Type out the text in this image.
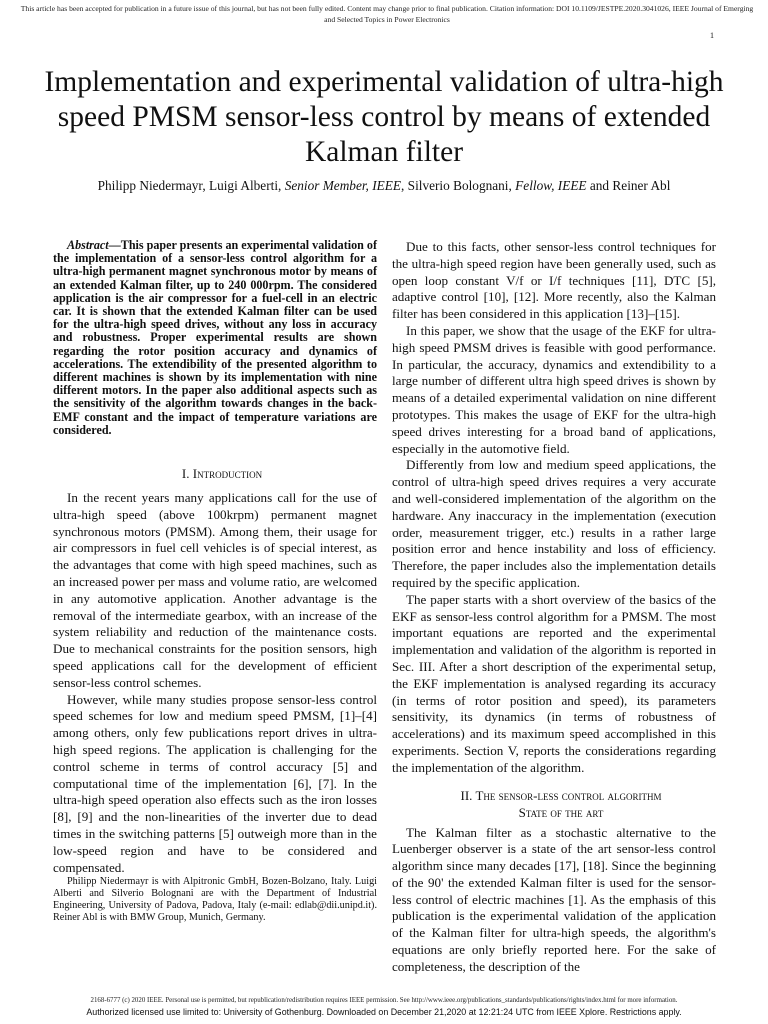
This article has been accepted for publication in a future issue of this journal, but has not been fully edited. Content may change prior to final publication. Citation information: DOI 10.1109/JESTPE.2020.3041026, IEEE Journal of Emerging and Selected Topics in Power Electronics
1
Implementation and experimental validation of ultra-high speed PMSM sensor-less control by means of extended Kalman filter
Philipp Niedermayr, Luigi Alberti, Senior Member, IEEE, Silverio Bolognani, Fellow, IEEE and Reiner Abl

Abstract—This paper presents an experimental validation of the implementation of a sensor-less control algorithm for a ultra-high permanent magnet synchronous motor by means of an extended Kalman filter, up to 240 000rpm. The considered application is the air compressor for a fuel-cell in an electric car. It is shown that the extended Kalman filter can be used for the ultra-high speed drives, without any loss in accuracy and robustness. Proper experimental results are shown regarding the rotor position accuracy and dynamics of accelerations. The extendibility of the presented algorithm to different machines is shown by its implementation with nine different motors. In the paper also additional aspects such as the sensitivity of the algorithm towards changes in the back-EMF constant and the impact of temperature variations are considered.

I. Introduction

In the recent years many applications call for the use of ultra-high speed (above 100krpm) permanent magnet synchronous motors (PMSM). Among them, their usage for air compressors in fuel cell vehicles is of special interest, as the advantages that come with high speed machines, such as an increased power per mass and volume ratio, are welcomed in any automotive application. Another advantage is the removal of the intermediate gearbox, with an increase of the system reliability and reduction of the maintenance costs. Due to mechanical constraints for the position sensors, high speed applications call for the development of efficient sensor-less control schemes.

However, while many studies propose sensor-less control speed schemes for low and medium speed PMSM, [1]–[4] among others, only few publications report drives in ultra-high speed regions. The application is challenging for the control scheme in terms of control accuracy [5] and computational time of the implementation [6], [7]. In the ultra-high speed operation also effects such as the iron losses [8], [9] and the non-linearities of the inverter due to dead times in the switching patterns [5] outweigh more than in the low-speed region and have to be considered and compensated.

Philipp Niedermayr is with Alpitronic GmbH, Bozen-Bolzano, Italy. Luigi Alberti and Silverio Bolognani are with the Department of Industrial Engineering, University of Padova, Padova, Italy (e-mail: edlab@dii.unipd.it). Reiner Abl is with BMW Group, Munich, Germany.

Due to this facts, other sensor-less control techniques for the ultra-high speed region have been generally used, such as open loop constant V/f or I/f techniques [11], DTC [5], adaptive control [10], [12]. More recently, also the Kalman filter has been considered in this application [13]–[15].

In this paper, we show that the usage of the EKF for ultra-high speed PMSM drives is feasible with good performance. In particular, the accuracy, dynamics and extendibility to a large number of different ultra high speed drives is shown by means of a detailed experimental validation on nine different prototypes. This makes the usage of EKF for the ultra-high speed drives interesting for a broad band of applications, especially in the automotive field.

Differently from low and medium speed applications, the control of ultra-high speed drives requires a very accurate and well-considered implementation of the algorithm on the hardware. Any inaccuracy in the implementation (execution order, measurement trigger, etc.) results in a rather large position error and hence instability and loss of efficiency. Therefore, the paper includes also the implementation details required by the specific application.

The paper starts with a short overview of the basics of the EKF as sensor-less control algorithm for a PMSM. The most important equations are reported and the experimental implementation and validation of the algorithm is reported in Sec. III. After a short description of the experimental setup, the EKF implementation is analysed regarding its accuracy (in terms of rotor position and speed), its parameters sensitivity, its dynamics (in terms of robustness of accelerations) and its maximum speed accomplished in this experiments. Section V, reports the considerations regarding the implementation of the algorithm.

II. The sensor-less control algorithm

State of the art

The Kalman filter as a stochastic alternative to the Luenberger observer is a state of the art sensor-less control algorithm since many decades [17], [18]. Since the beginning of the 90' the extended Kalman filter is used for the sensor-less control of electric machines [1]. As the emphasis of this publication is the experimental validation of the application of the Kalman filter for ultra-high speeds, the algorithm's equations are only briefly reported here. For the sake of completeness, the description of the

2168-6777 (c) 2020 IEEE. Personal use is permitted, but republication/redistribution requires IEEE permission. See http://www.ieee.org/publications_standards/publications/rights/index.html for more information.
Authorized licensed use limited to: University of Gothenburg. Downloaded on December 21,2020 at 12:21:24 UTC from IEEE Xplore. Restrictions apply.
